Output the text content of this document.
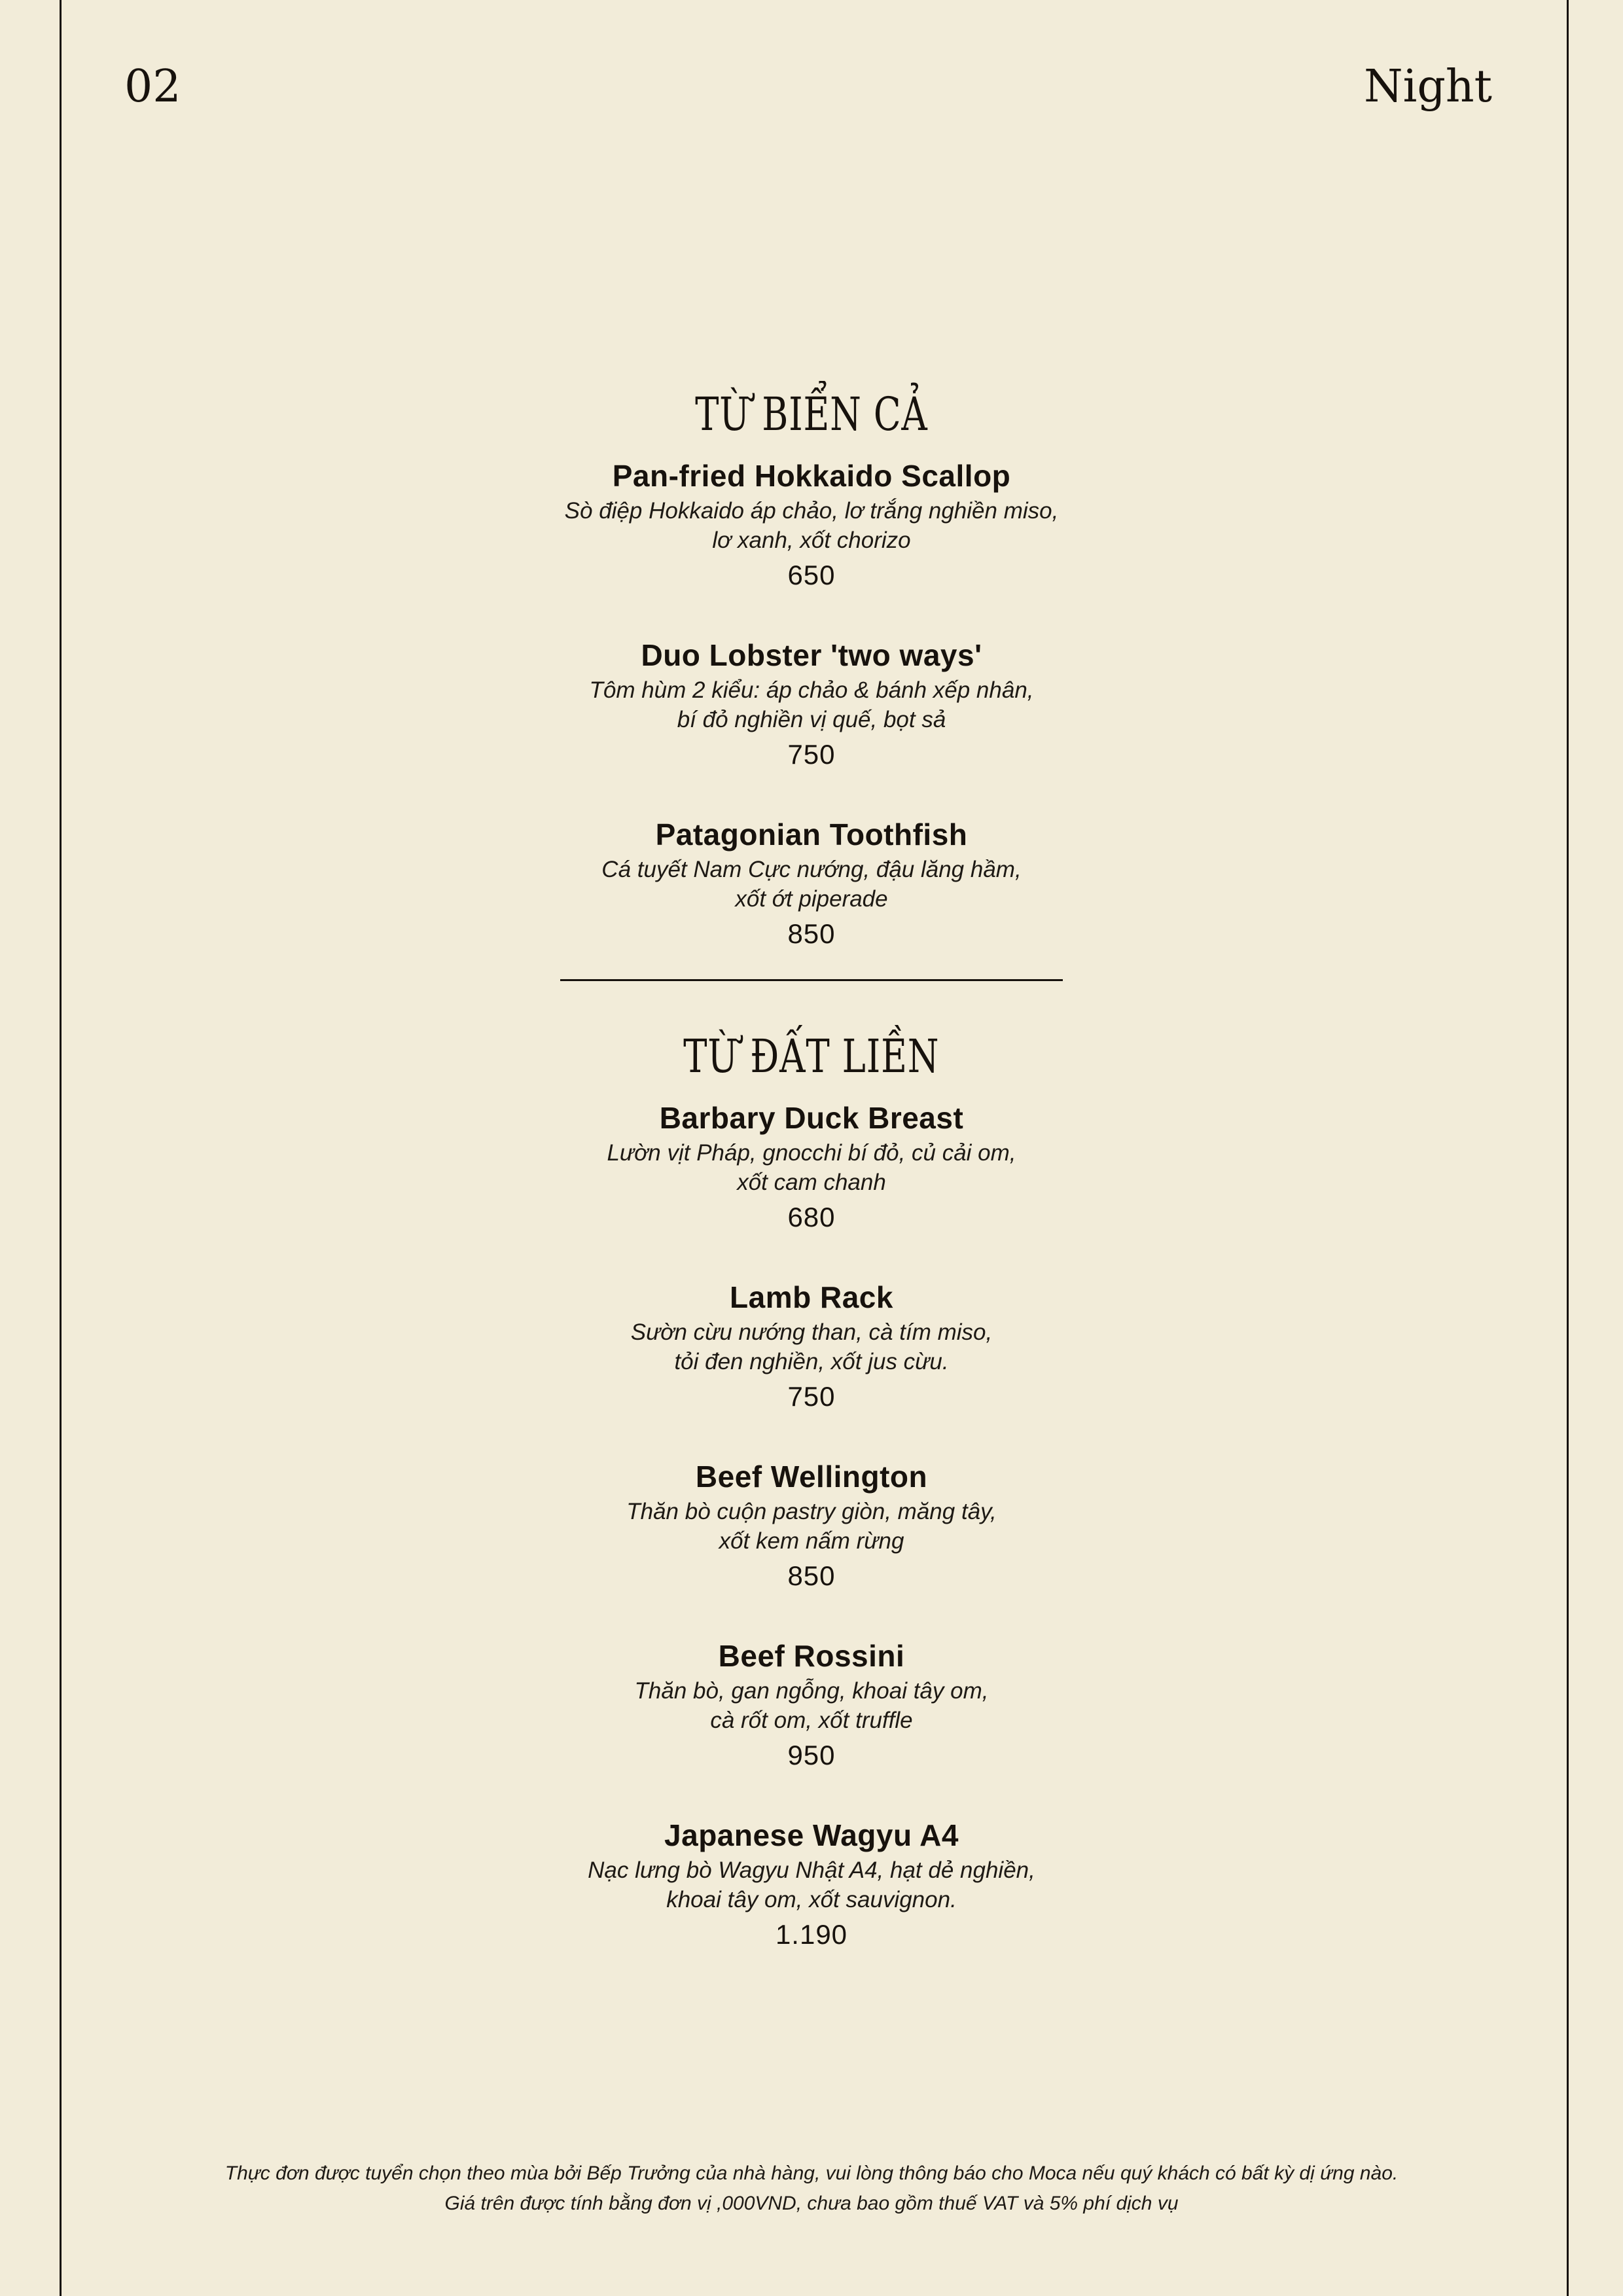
02	Night
TỪ BIỂN CẢ
Pan-fried Hokkaido Scallop
Sò điệp Hokkaido áp chảo, lơ trắng nghiền miso,
lơ xanh, xốt chorizo
650
Duo Lobster 'two ways'
Tôm hùm 2 kiểu: áp chảo & bánh xếp nhân,
bí đỏ nghiền vị quế, bọt sả
750
Patagonian Toothfish
Cá tuyết Nam Cực nướng, đậu lăng hầm,
xốt ớt piperade
850
TỪ ĐẤT LIỀN
Barbary Duck Breast
Lườn vịt Pháp, gnocchi bí đỏ, củ cải om,
xốt cam chanh
680
Lamb Rack
Sườn cừu nướng than, cà tím miso,
tỏi đen nghiền, xốt jus cừu.
750
Beef Wellington
Thăn bò cuộn pastry giòn, măng tây,
xốt kem nấm rừng
850
Beef Rossini
Thăn bò, gan ngỗng, khoai tây om,
cà rốt om, xốt truffle
950
Japanese Wagyu A4
Nạc lưng bò Wagyu Nhật A4, hạt dẻ nghiền,
khoai tây om, xốt sauvignon.
1.190
Thực đơn được tuyển chọn theo mùa bởi Bếp Trưởng của nhà hàng, vui lòng thông báo cho Moca nếu quý khách có bất kỳ dị ứng nào.
Giá trên được tính bằng đơn vị ,000VND, chưa bao gồm thuế VAT và 5% phí dịch vụ
